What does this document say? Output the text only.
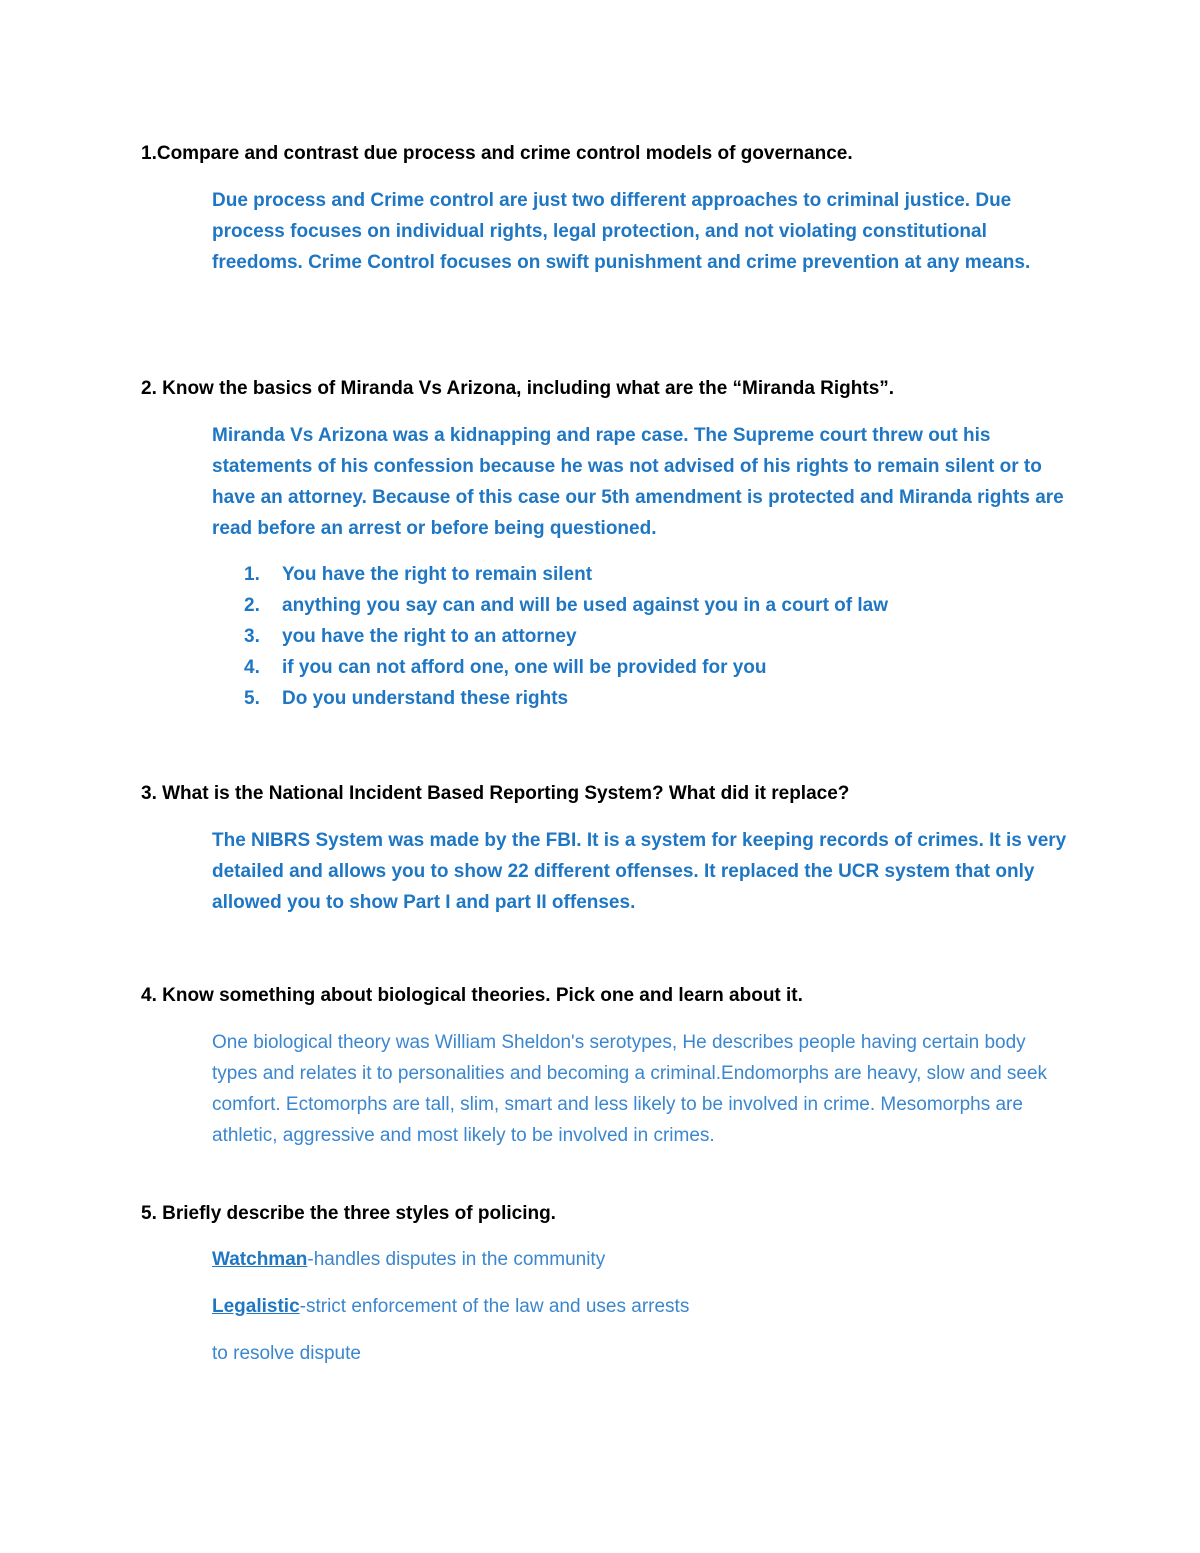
1.Compare and contrast due process and crime control models of governance.

Due process and Crime control are just two different approaches to criminal justice. Due process focuses on individual rights, legal protection, and not violating constitutional freedoms. Crime Control focuses on swift punishment and crime prevention at any means.

2. Know the basics of Miranda Vs Arizona, including what are the “Miranda Rights”.

Miranda Vs Arizona was a kidnapping and rape case. The Supreme court threw out his statements of his confession because he was not advised of his rights to remain silent or to have an attorney. Because of this case our 5th amendment is protected and Miranda rights are read before an arrest or before being questioned.

1.	You have the right to remain silent
2.	anything you say can and will be used against you in a court of law
3.	you have the right to an attorney
4.	if you can not afford one, one will be provided for you
5.	Do you understand these rights

3. What is the National Incident Based Reporting System? What did it replace?

The NIBRS System was made by the FBI. It is a system for keeping records of crimes. It is very detailed and allows you to show 22 different offenses. It replaced the UCR system that only allowed you to show Part I and part II offenses.

4. Know something about biological theories. Pick one and learn about it.

One biological theory was William Sheldon's serotypes, He describes people having certain body types and relates it to personalities and becoming a criminal.Endomorphs are heavy, slow and seek comfort. Ectomorphs are tall, slim, smart and less likely to be involved in crime. Mesomorphs are athletic, aggressive and most likely to be involved in crimes.

5. Briefly describe the three styles of policing.

Watchman-handles disputes in the community

Legalistic-strict enforcement of the law and uses arrests

to resolve dispute
